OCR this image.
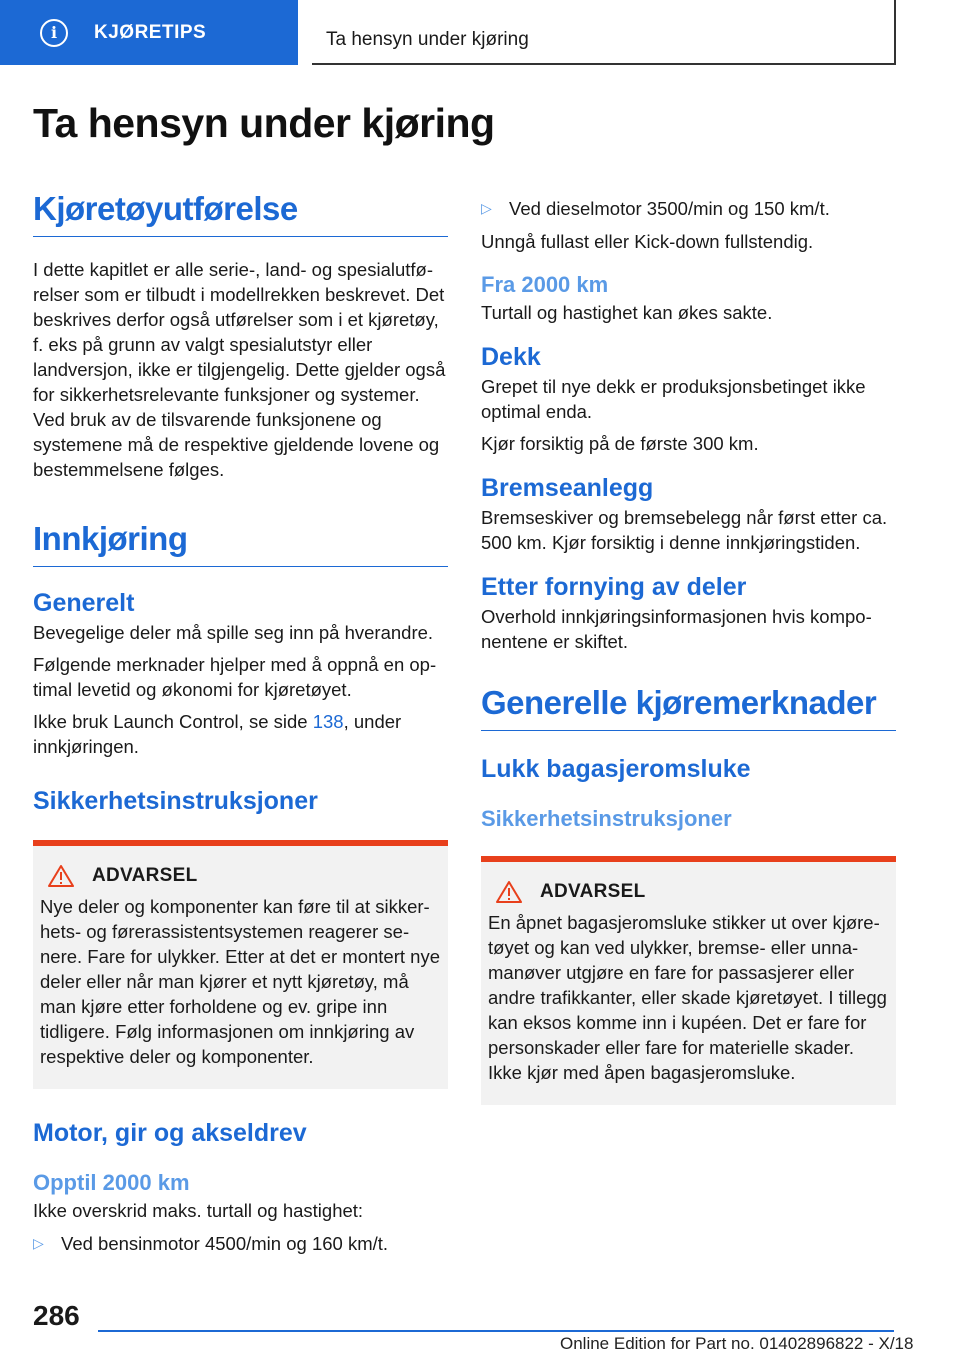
i	KJØRETIPS	Ta hensyn under kjøring
Ta hensyn under kjøring
Kjøretøyutførelse

I dette kapitlet er alle serie-, land- og spesialutførelser som er tilbudt i modellrekken beskrevet. Det beskrives derfor også utførelser som i et kjøretøy, f. eks på grunn av valgt spesialutstyr eller landversjon, ikke er tilgjengelig. Dette gjelder også for sikkerhetsrelevante funksjoner og systemer. Ved bruk av de tilsvarende funksjonene og systemene må de respektive gjeldende lovene og bestemmelsene følges.

Innkjøring
Generelt

Bevegelige deler må spille seg inn på hverandre.

Følgende merknader hjelper med å oppnå en optimal levetid og økonomi for kjøretøyet.

Ikke bruk Launch Control, se side 138, under innkjøringen.

Sikkerhetsinstruksjoner
ADVARSEL

Nye deler og komponenter kan føre til at sikkerhets- og førerassistentsystemen reagerer senere. Fare for ulykker. Etter at det er montert nye deler eller når man kjører et nytt kjøretøy, må man kjøre etter forholdene og ev. gripe inn tidligere. Følg informasjonen om innkjøring av respektive deler og komponenter.

Motor, gir og akseldrev
Opptil 2000 km

Ikke overskrid maks. turtall og hastighet:

▷ Ved bensinmotor 4500/min og 160 km/t.
▷ Ved dieselmotor 3500/min og 150 km/t.

Unngå fullast eller Kick-down fullstendig.

Fra 2000 km

Turtall og hastighet kan økes sakte.

Dekk

Grepet til nye dekk er produksjonsbetinget ikke optimal enda.

Kjør forsiktig på de første 300 km.

Bremseanlegg

Bremseskiver og bremsebelegg når først etter ca. 500 km. Kjør forsiktig i denne innkjøringstiden.

Etter fornying av deler

Overhold innkjøringsinformasjonen hvis komponentene er skiftet.

Generelle kjøremerknader
Lukk bagasjeromsluke
Sikkerhetsinstruksjoner
ADVARSEL

En åpnet bagasjeromsluke stikker ut over kjøretøyet og kan ved ulykker, bremse- eller unnamanøver utgjøre en fare for passasjerer eller andre trafikkanter, eller skade kjøretøyet. I tillegg kan eksos komme inn i kupéen. Det er fare for personskader eller fare for materielle skader. Ikke kjør med åpen bagasjeromsluke.

286
Online Edition for Part no. 01402896822 - X/18
